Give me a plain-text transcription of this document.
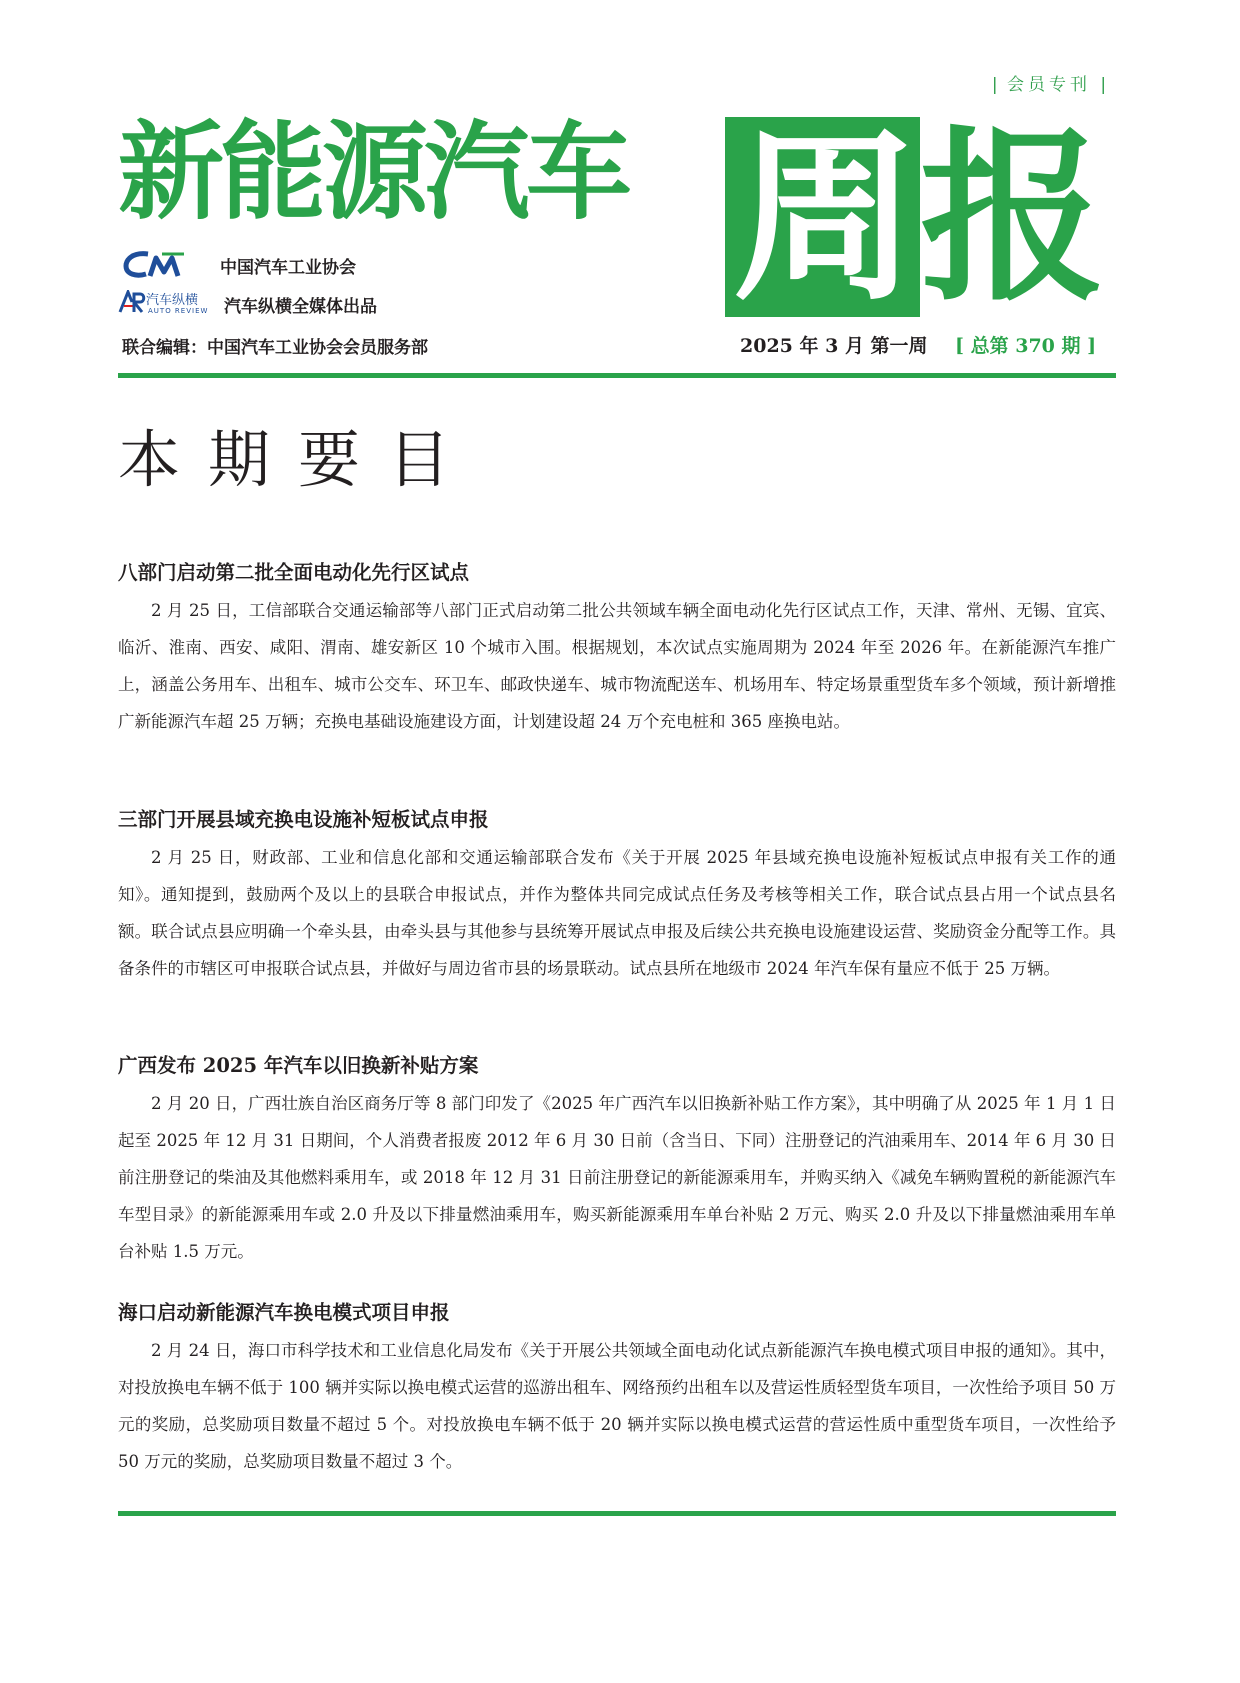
| 会员专刊 |
新能源汽车 周 报
中国汽车工业协会
汽车纵横
AUTO REVIEW 汽车纵横全媒体出品
联合编辑：中国汽车工业协会会员服务部	2025 年 3 月 第一周 [ 总第 370 期 ]
本期要目
八部门启动第二批全面电动化先行区试点

2 月 25 日，工信部联合交通运输部等八部门正式启动第二批公共领域车辆全面电动化先行区试点工作，天津、常州、无锡、宜宾、临沂、淮南、西安、咸阳、渭南、雄安新区 10 个城市入围。根据规划，本次试点实施周期为 2024 年至 2026 年。在新能源汽车推广上，涵盖公务用车、出租车、城市公交车、环卫车、邮政快递车、城市物流配送车、机场用车、特定场景重型货车多个领域，预计新增推广新能源汽车超 25 万辆；充换电基础设施建设方面，计划建设超 24 万个充电桩和 365 座换电站。

三部门开展县域充换电设施补短板试点申报

2 月 25 日，财政部、工业和信息化部和交通运输部联合发布《关于开展 2025 年县域充换电设施补短板试点申报有关工作的通知》。通知提到，鼓励两个及以上的县联合申报试点，并作为整体共同完成试点任务及考核等相关工作，联合试点县占用一个试点县名额。联合试点县应明确一个牵头县，由牵头县与其他参与县统筹开展试点申报及后续公共充换电设施建设运营、奖励资金分配等工作。具备条件的市辖区可申报联合试点县，并做好与周边省市县的场景联动。试点县所在地级市 2024 年汽车保有量应不低于 25 万辆。

广西发布 2025 年汽车以旧换新补贴方案

2 月 20 日，广西壮族自治区商务厅等 8 部门印发了《2025 年广西汽车以旧换新补贴工作方案》，其中明确了从 2025 年 1 月 1 日起至 2025 年 12 月 31 日期间，个人消费者报废 2012 年 6 月 30 日前（含当日、下同）注册登记的汽油乘用车、2014 年 6 月 30 日前注册登记的柴油及其他燃料乘用车，或 2018 年 12 月 31 日前注册登记的新能源乘用车，并购买纳入《减免车辆购置税的新能源汽车车型目录》的新能源乘用车或 2.0 升及以下排量燃油乘用车，购买新能源乘用车单台补贴 2 万元、购买 2.0 升及以下排量燃油乘用车单台补贴 1.5 万元。

海口启动新能源汽车换电模式项目申报

2 月 24 日，海口市科学技术和工业信息化局发布《关于开展公共领域全面电动化试点新能源汽车换电模式项目申报的通知》。其中，对投放换电车辆不低于 100 辆并实际以换电模式运营的巡游出租车、网络预约出租车以及营运性质轻型货车项目，一次性给予项目 50 万元的奖励，总奖励项目数量不超过 5 个。对投放换电车辆不低于 20 辆并实际以换电模式运营的营运性质中重型货车项目，一次性给予 50 万元的奖励，总奖励项目数量不超过 3 个。
